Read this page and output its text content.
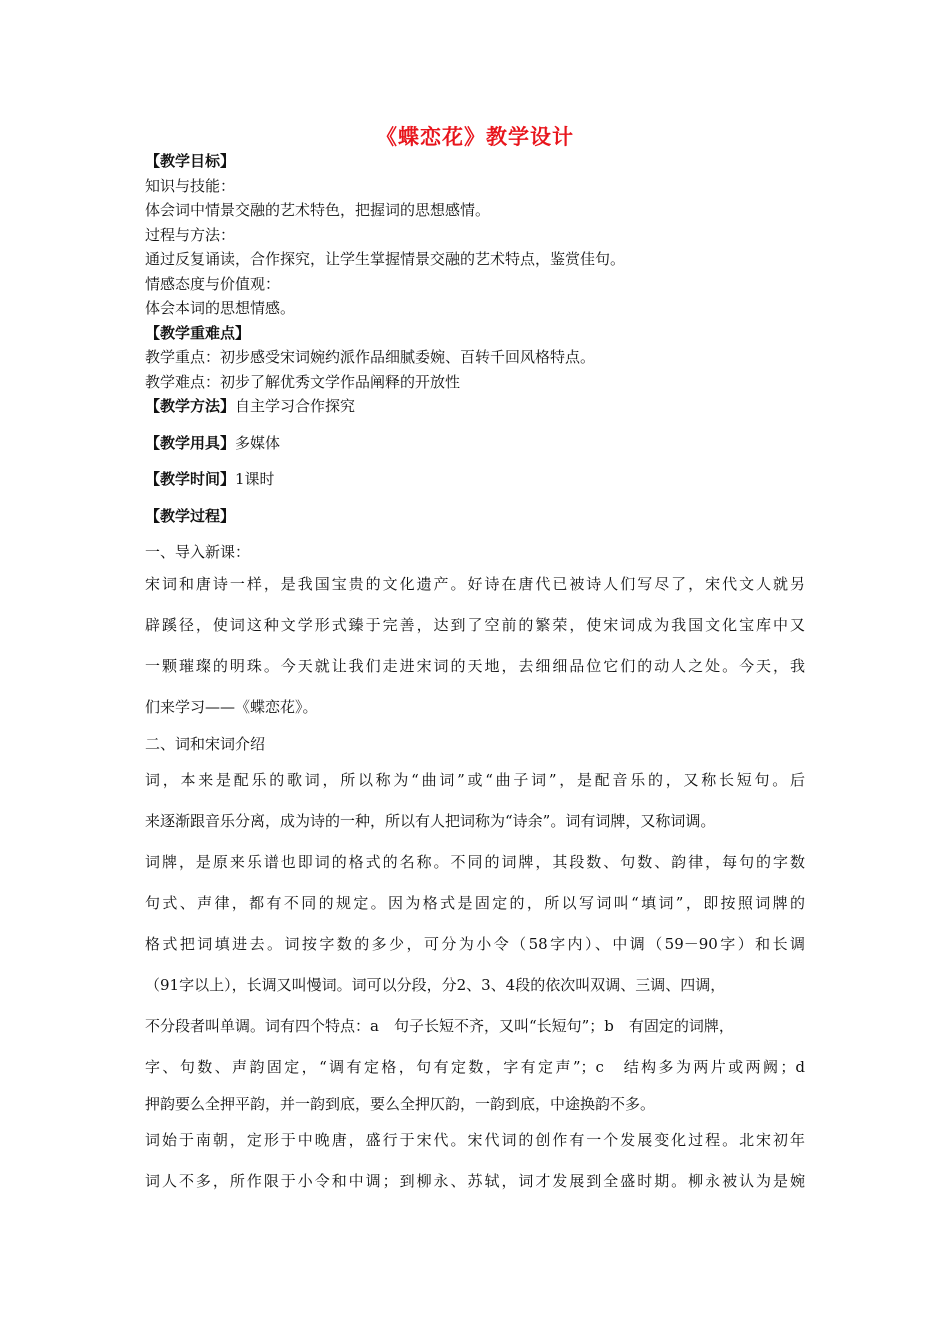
《蝶恋花》教学设计
【教学目标】
知识与技能：
体会词中情景交融的艺术特色，把握词的思想感情。
过程与方法：
通过反复诵读，合作探究，让学生掌握情景交融的艺术特点，鉴赏佳句。
情感态度与价值观：
体会本词的思想情感。
【教学重难点】
教学重点：初步感受宋词婉约派作品细腻委婉、百转千回风格特点。
教学难点：初步了解优秀文学作品阐释的开放性
【教学方法】自主学习合作探究
【教学用具】多媒体
【教学时间】1课时
【教学过程】
一、导入新课：
宋词和唐诗一样，是我国宝贵的文化遗产。好诗在唐代已被诗人们写尽了，宋代文人就另
辟蹊径，使词这种文学形式臻于完善，达到了空前的繁荣，使宋词成为我国文化宝库中又
一颗璀璨的明珠。今天就让我们走进宋词的天地，去细细品位它们的动人之处。今天，我
们来学习——《蝶恋花》。
二、词和宋词介绍
词，本来是配乐的歌词，所以称为“曲词”或“曲子词”，是配音乐的，又称长短句。后
来逐渐跟音乐分离，成为诗的一种，所以有人把词称为“诗余”。词有词牌，又称词调。
词牌，是原来乐谱也即词的格式的名称。不同的词牌，其段数、句数、韵律，每句的字数
句式、声律，都有不同的规定。因为格式是固定的，所以写词叫“填词”，即按照词牌的
格式把词填进去。词按字数的多少，可分为小令（58字内）、中调（59－90字）和长调
（91字以上），长调又叫慢词。词可以分段，分2、3、4段的依次叫双调、三调、四调，
不分段者叫单调。词有四个特点：a　句子长短不齐，又叫“长短句”；b　有固定的词牌，
字、句数、声韵固定，“调有定格，句有定数，字有定声”；c　结构多为两片或两阙；d
押韵要么全押平韵，并一韵到底，要么全押仄韵，一韵到底，中途换韵不多。
词始于南朝，定形于中晚唐，盛行于宋代。宋代词的创作有一个发展变化过程。北宋初年
词人不多，所作限于小令和中调；到柳永、苏轼，词才发展到全盛时期。柳永被认为是婉
